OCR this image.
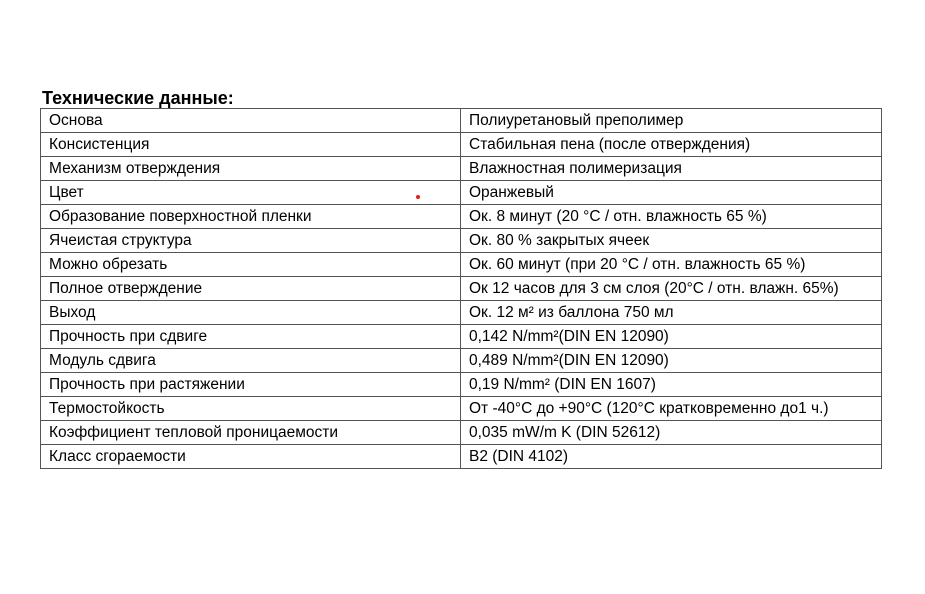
Технические данные:
Основа	Полиуретановый преполимер
Консистенция	Стабильная пена (после отверждения)
Механизм отверждения	Влажностная полимеризация
Цвет	Оранжевый
Образование поверхностной пленки	Ок. 8 минут (20 °С / отн. влажность 65 %)
Ячеистая структура	Ок. 80 % закрытых ячеек
Можно обрезать	Ок. 60 минут (при 20 °С / отн. влажность 65 %)
Полное отверждение	Ок 12 часов для 3 см слоя (20°С / отн. влажн. 65%)
Выход	Ок. 12 м² из баллона 750 мл
Прочность при сдвиге	0,142 N/mm²(DIN EN 12090)
Модуль сдвига	0,489 N/mm²(DIN EN 12090)
Прочность при растяжении	0,19 N/mm² (DIN EN 1607)
Термостойкость	От -40°С до +90°С (120°С кратковременно до1 ч.)
Коэффициент тепловой проницаемости	0,035 mW/m K (DIN 52612)
Класс сгораемости	B2 (DIN 4102)
